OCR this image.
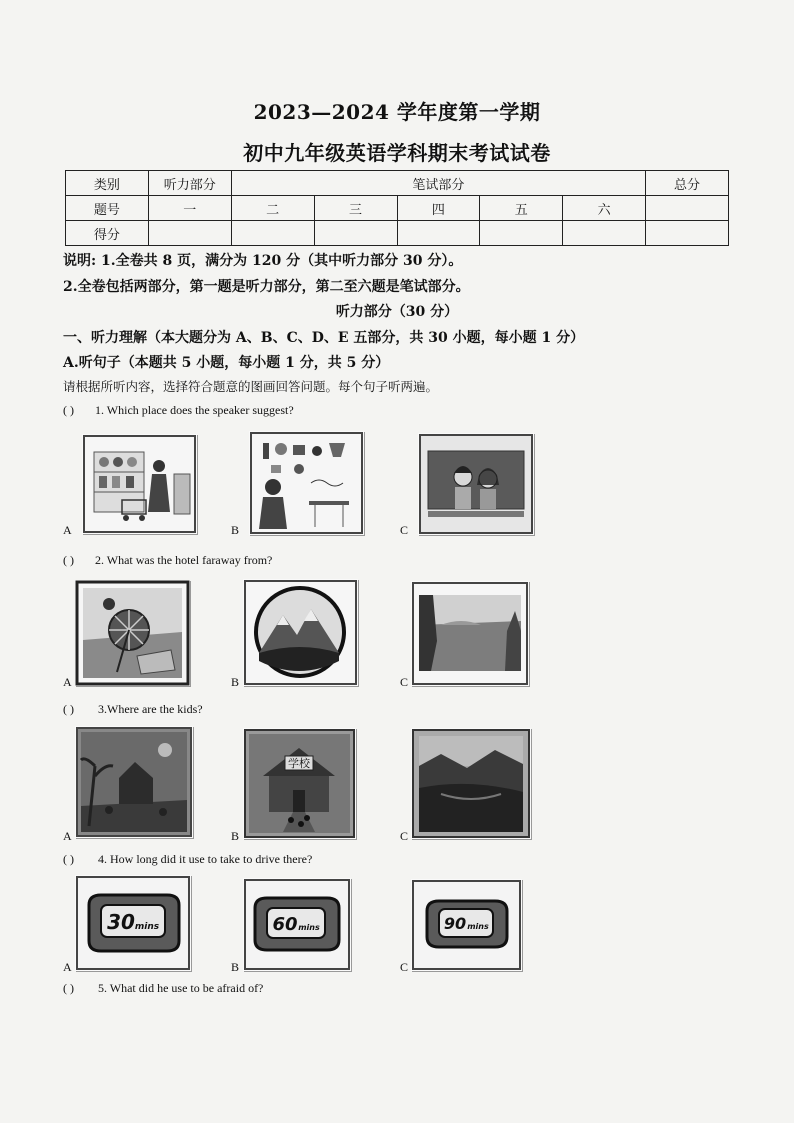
2023—2024 学年度第一学期
初中九年级英语学科期末考试试卷
类别	听力部分	笔试部分					总分
题号	一	二	三	四	五	六	
得分							
说明: 1.全卷共 8 页，满分为 120 分（其中听力部分 30 分）。
2.全卷包括两部分，第一题是听力部分，第二至六题是笔试部分。
听力部分（30 分）
一、听力理解（本大题分为 A、B、C、D、E 五部分，共 30 小题，每小题 1 分）
A.听句子（本题共 5 小题，每小题 1 分，共 5 分）
请根据所听内容，选择符合题意的图画回答问题。每个句子听两遍。
( ) 1. Which place does the speaker suggest?
A	B	C
( ) 2. What was the hotel faraway from?
A	B	C
( ) 3.Where are the kids?
A
学校
B	C
( ) 4. How long did it use to take to drive there?
30 mins
A
60 mins
B
90 mins
C
( ) 5. What did he use to be afraid of?
